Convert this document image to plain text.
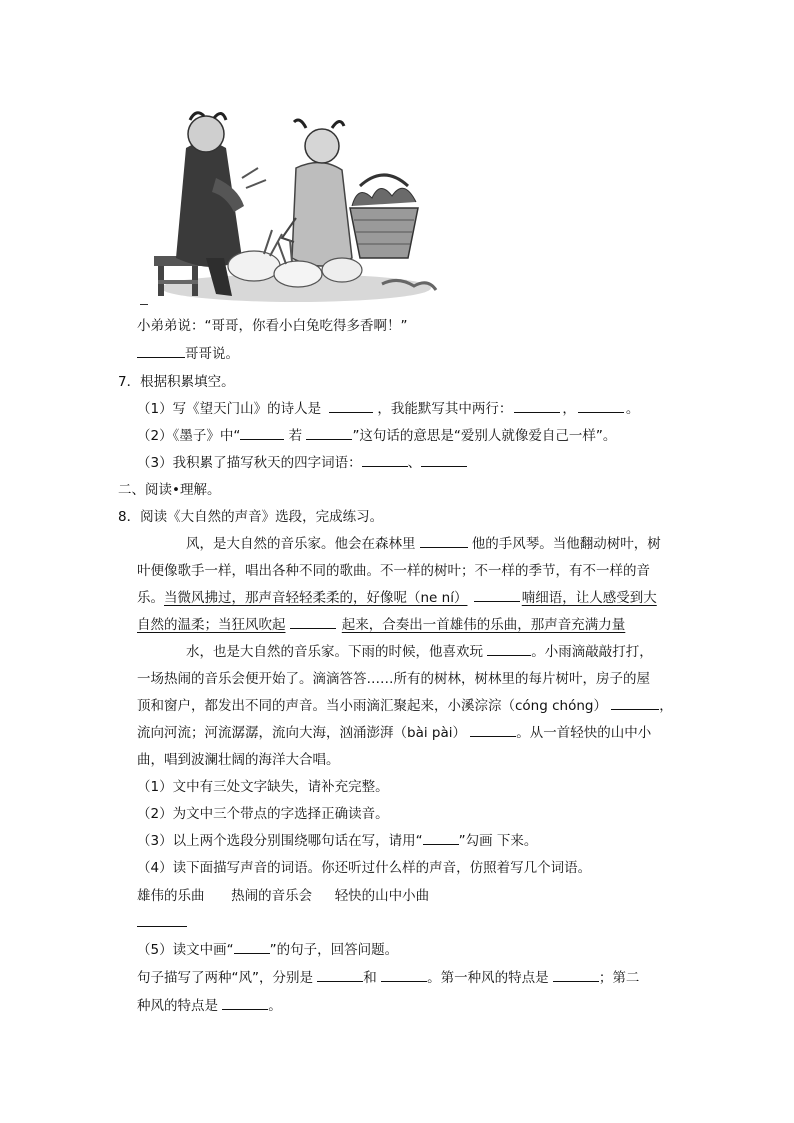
小弟弟说：“哥哥，你看小白兔吃得多香啊！”
哥哥说。
7．根据积累填空。
（1）写《望天门山》的诗人是	，我能默写其中两行：	，	。
（2）《墨子》中“	若	”这句话的意思是“爱别人就像爱自己一样”。
（3）我积累了描写秋天的四字词语：	、
二、阅读•理解。
8．阅读《大自然的声音》选段，完成练习。
风，是大自然的音乐家。他会在森林里	他的手风琴。当他翻动树叶，树
叶便像歌手一样，唱出各种不同的歌曲。不一样的树叶；不一样的季节，有不一样的音
乐。当微风拂过，那声音轻轻柔柔的，好像呢（ne ní）	喃细语，让人感受到大
自然的温柔；当狂风吹起	起来，合奏出一首雄伟的乐曲，那声音充满力量
水，也是大自然的音乐家。下雨的时候，他喜欢玩	。小雨滴敲敲打打，
一场热闹的音乐会便开始了。滴滴答答……所有的树林，树林里的每片树叶，房子的屋
顶和窗户，都发出不同的声音。当小雨滴汇聚起来，小溪淙淙（cóng chóng）	，
流向河流；河流潺潺，流向大海，汹涌澎湃（bài pài）	。从一首轻快的山中小
曲，唱到波澜壮阔的海洋大合唱。
（1）文中有三处文字缺失，请补充完整。
（2）为文中三个带点的字选择正确读音。
（3）以上两个选段分别围绕哪句话在写，请用“	”勾画 下来。
（4）读下面描写声音的词语。你还听过什么样的声音，仿照着写几个词语。
雄伟的乐曲 热闹的音乐会 轻快的山中小曲
（5）读文中画“	”的句子，回答问题。
句子描写了两种“风”，分别是	和	。第一种风的特点是	；第二
种风的特点是	。
